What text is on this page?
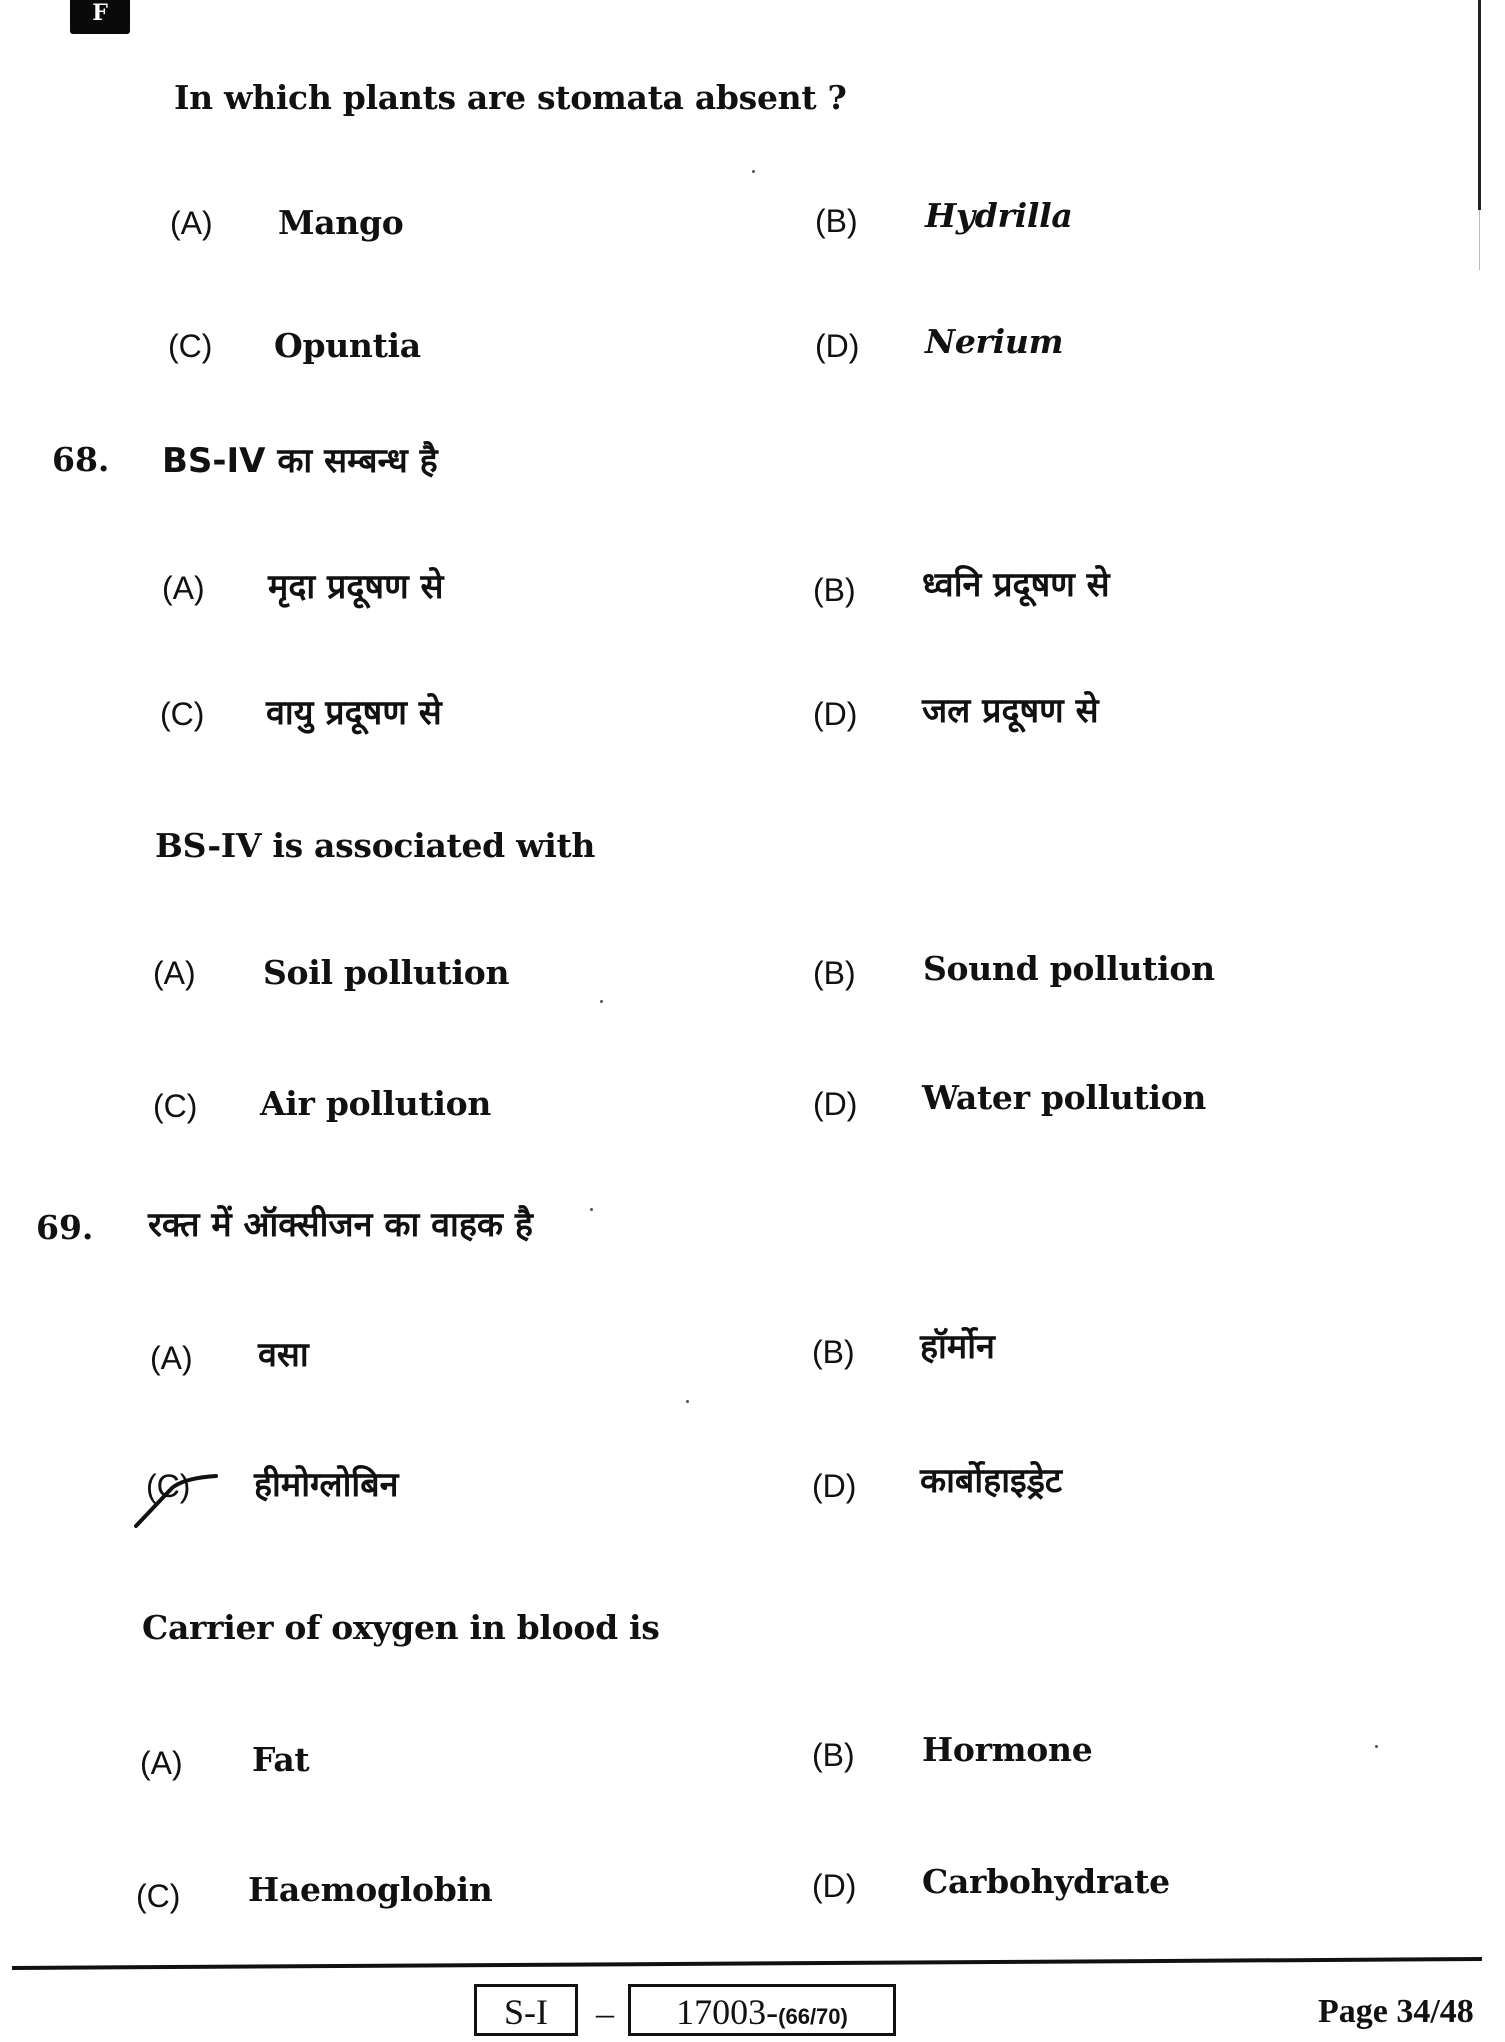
F
In which plants are stomata absent ?
(A) Mango	(B) Hydrilla
(C) Opuntia	(D) Nerium
68. BS-IV का सम्बन्ध है
(A) मृदा प्रदूषण से	(B) ध्वनि प्रदूषण से
(C) वायु प्रदूषण से	(D) जल प्रदूषण से
BS-IV is associated with
(A) Soil pollution	(B) Sound pollution
(C) Air pollution	(D) Water pollution
69. रक्त में ऑक्सीजन का वाहक है
(A) वसा	(B) हॉर्मोन
(C) हीमोग्लोबिन	(D) कार्बोहाइड्रेट
Carrier of oxygen in blood is
(A) Fat	(B) Hormone
(C) Haemoglobin	(D) Carbohydrate
S-I	–	17003-(66/70)	Page 34/48
